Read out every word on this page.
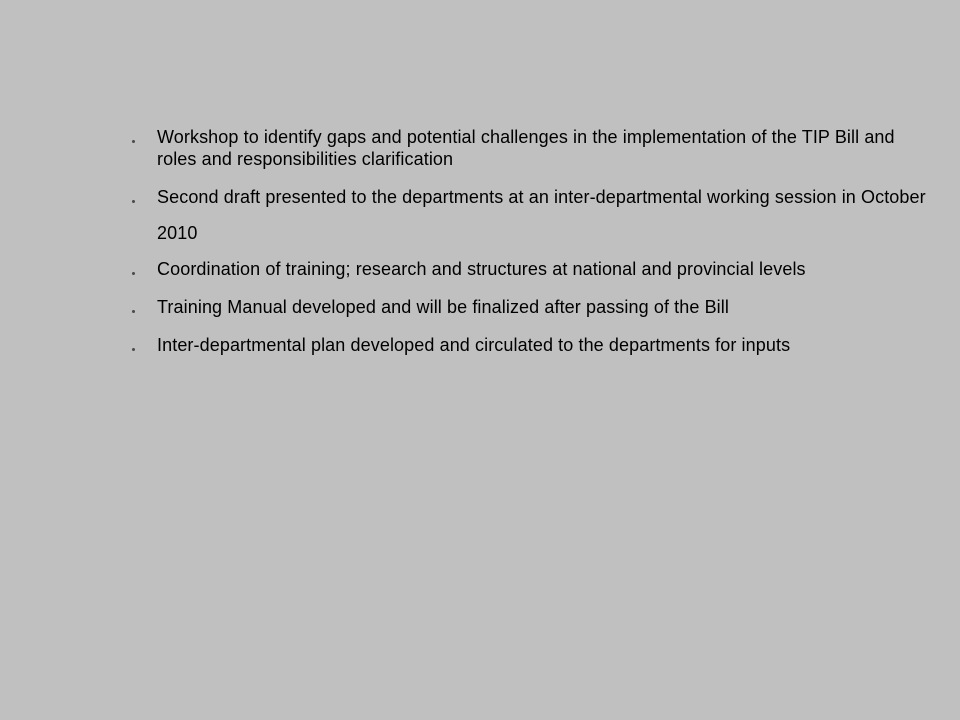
Workshop to identify gaps and potential challenges in the implementation of the TIP Bill and roles and responsibilities clarification
Second draft presented to the departments at an inter-departmental working session in October 2010
Coordination of training; research and structures at national and provincial levels
Training Manual developed and will be finalized after passing of the Bill
Inter-departmental plan developed and circulated to the departments for inputs
